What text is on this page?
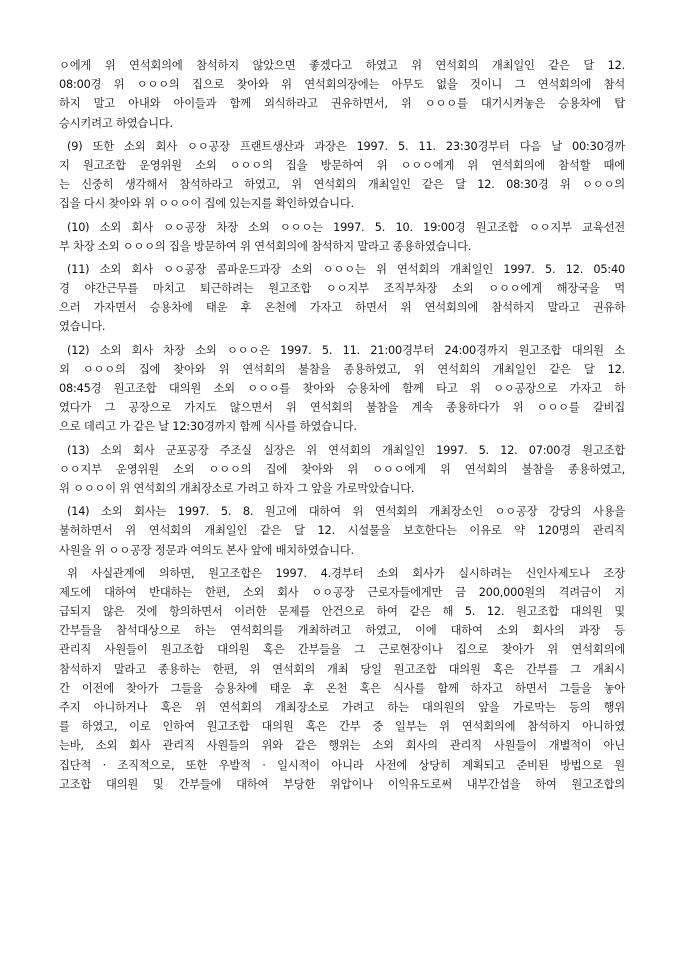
ㅇ에게 위 연석회의에 참석하지 않았으면 좋겠다고 하였고 위 연석회의 개최일인 같은 달 12.
08:00경 위 ㅇㅇㅇ의 집으로 찾아와 위 연석회의장에는 아무도 없을 것이니 그 연석회의에 참석
하지 말고 아내와 아이들과 함께 외식하라고 권유하면서, 위 ㅇㅇㅇ를 대기시켜놓은 승용차에 탑
승시키려고 하였습니다.
(9) 또한 소외 회사 ㅇㅇ공장 프랜트생산과 과장은 1997. 5. 11. 23:30경부터 다음 날 00:30경까
지 원고조합 운영위원 소외 ㅇㅇㅇ의 집을 방문하여 위 ㅇㅇㅇ에게 위 연석회의에 참석할 때에
는 신중히 생각해서 참석하라고 하였고, 위 연석회의 개최일인 같은 달 12. 08:30경 위 ㅇㅇㅇ의
집을 다시 찾아와 위 ㅇㅇㅇ이 집에 있는지를 확인하였습니다.
(10) 소외 회사 ㅇㅇ공장 차장 소외 ㅇㅇㅇ는 1997. 5. 10. 19:00경 원고조합 ㅇㅇ지부 교육선전
부 차장 소외 ㅇㅇㅇ의 집을 방문하여 위 연석회의에 참석하지 말라고 종용하였습니다.
(11) 소외 회사 ㅇㅇ공장 콤파운드과장 소외 ㅇㅇㅇ는 위 연석회의 개최일인 1997. 5. 12. 05:40
경 야간근무를 마치고 퇴근하려는 원고조합 ㅇㅇ지부 조직부차장 소외 ㅇㅇㅇ에게 해장국을 먹
으러 가자면서 승용차에 태운 후 온천에 가자고 하면서 위 연석회의에 참석하지 말라고 권유하
였습니다.
(12) 소외 회사 차장 소외 ㅇㅇㅇ은 1997. 5. 11. 21:00경부터 24:00경까지 원고조합 대의원 소
외 ㅇㅇㅇ의 집에 찾아와 위 연석회의 불참을 종용하였고, 위 연석회의 개최일인 같은 달 12.
08:45경 원고조합 대의원 소외 ㅇㅇㅇ를 찾아와 승용차에 함께 타고 위 ㅇㅇ공장으로 가자고 하
였다가 그 공장으로 가지도 않으면서 위 연석회의 불참을 계속 종용하다가 위 ㅇㅇㅇ를 갈비집
으로 데리고 가 같은 날 12:30경까지 함께 식사를 하였습니다.
(13) 소외 회사 군포공장 주조실 실장은 위 연석회의 개최일인 1997. 5. 12. 07:00경 원고조합
ㅇㅇ지부 운영위원 소외 ㅇㅇㅇ의 집에 찾아와 위 ㅇㅇㅇ에게 위 연석회의 불참을 종용하였고,
위 ㅇㅇㅇ이 위 연석회의 개최장소로 가려고 하자 그 앞을 가로막았습니다.
(14) 소외 회사는 1997. 5. 8. 원고에 대하여 위 연석회의 개최장소인 ㅇㅇ공장 강당의 사용을
불허하면서 위 연석회의 개최일인 같은 달 12. 시설물을 보호한다는 이유로 약 120명의 관리직
사원을 위 ㅇㅇ공장 정문과 여의도 본사 앞에 배치하였습니다.
위 사실관계에 의하면, 원고조합은 1997. 4.경부터 소외 회사가 실시하려는 신인사제도나 조장
제도에 대하여 반대하는 한편, 소외 회사 ㅇㅇ공장 근로자들에게만 금 200,000원의 격려금이 지
급되지 않은 것에 항의하면서 이러한 문제를 안건으로 하여 같은 해 5. 12. 원고조합 대의원 및
간부들을 참석대상으로 하는 연석회의를 개최하려고 하였고, 이에 대하여 소외 회사의 과장 등
관리직 사원들이 원고조합 대의원 혹은 간부들을 그 근로현장이나 집으로 찾아가 위 연석회의에
참석하지 말라고 종용하는 한편, 위 연석회의 개최 당일 원고조합 대의원 혹은 간부를 그 개최시
간 이전에 찾아가 그들을 승용차에 태운 후 온천 혹은 식사를 함께 하자고 하면서 그들을 놓아
주지 아니하거나 혹은 위 연석회의 개최장소로 가려고 하는 대의원의 앞을 가로막는 등의 행위
를 하였고, 이로 인하여 원고조합 대의원 혹은 간부 중 일부는 위 연석회의에 참석하지 아니하였
는바, 소외 회사 관리직 사원들의 위와 같은 행위는 소외 회사의 관리직 사원들이 개별적이 아닌
집단적 · 조직적으로, 또한 우발적 · 일시적이 아니라 사전에 상당히 계획되고 준비된 방법으로 원
고조합 대의원 및 간부들에 대하여 부당한 위압이나 이익유도로써 내부간섭을 하여 원고조합의
